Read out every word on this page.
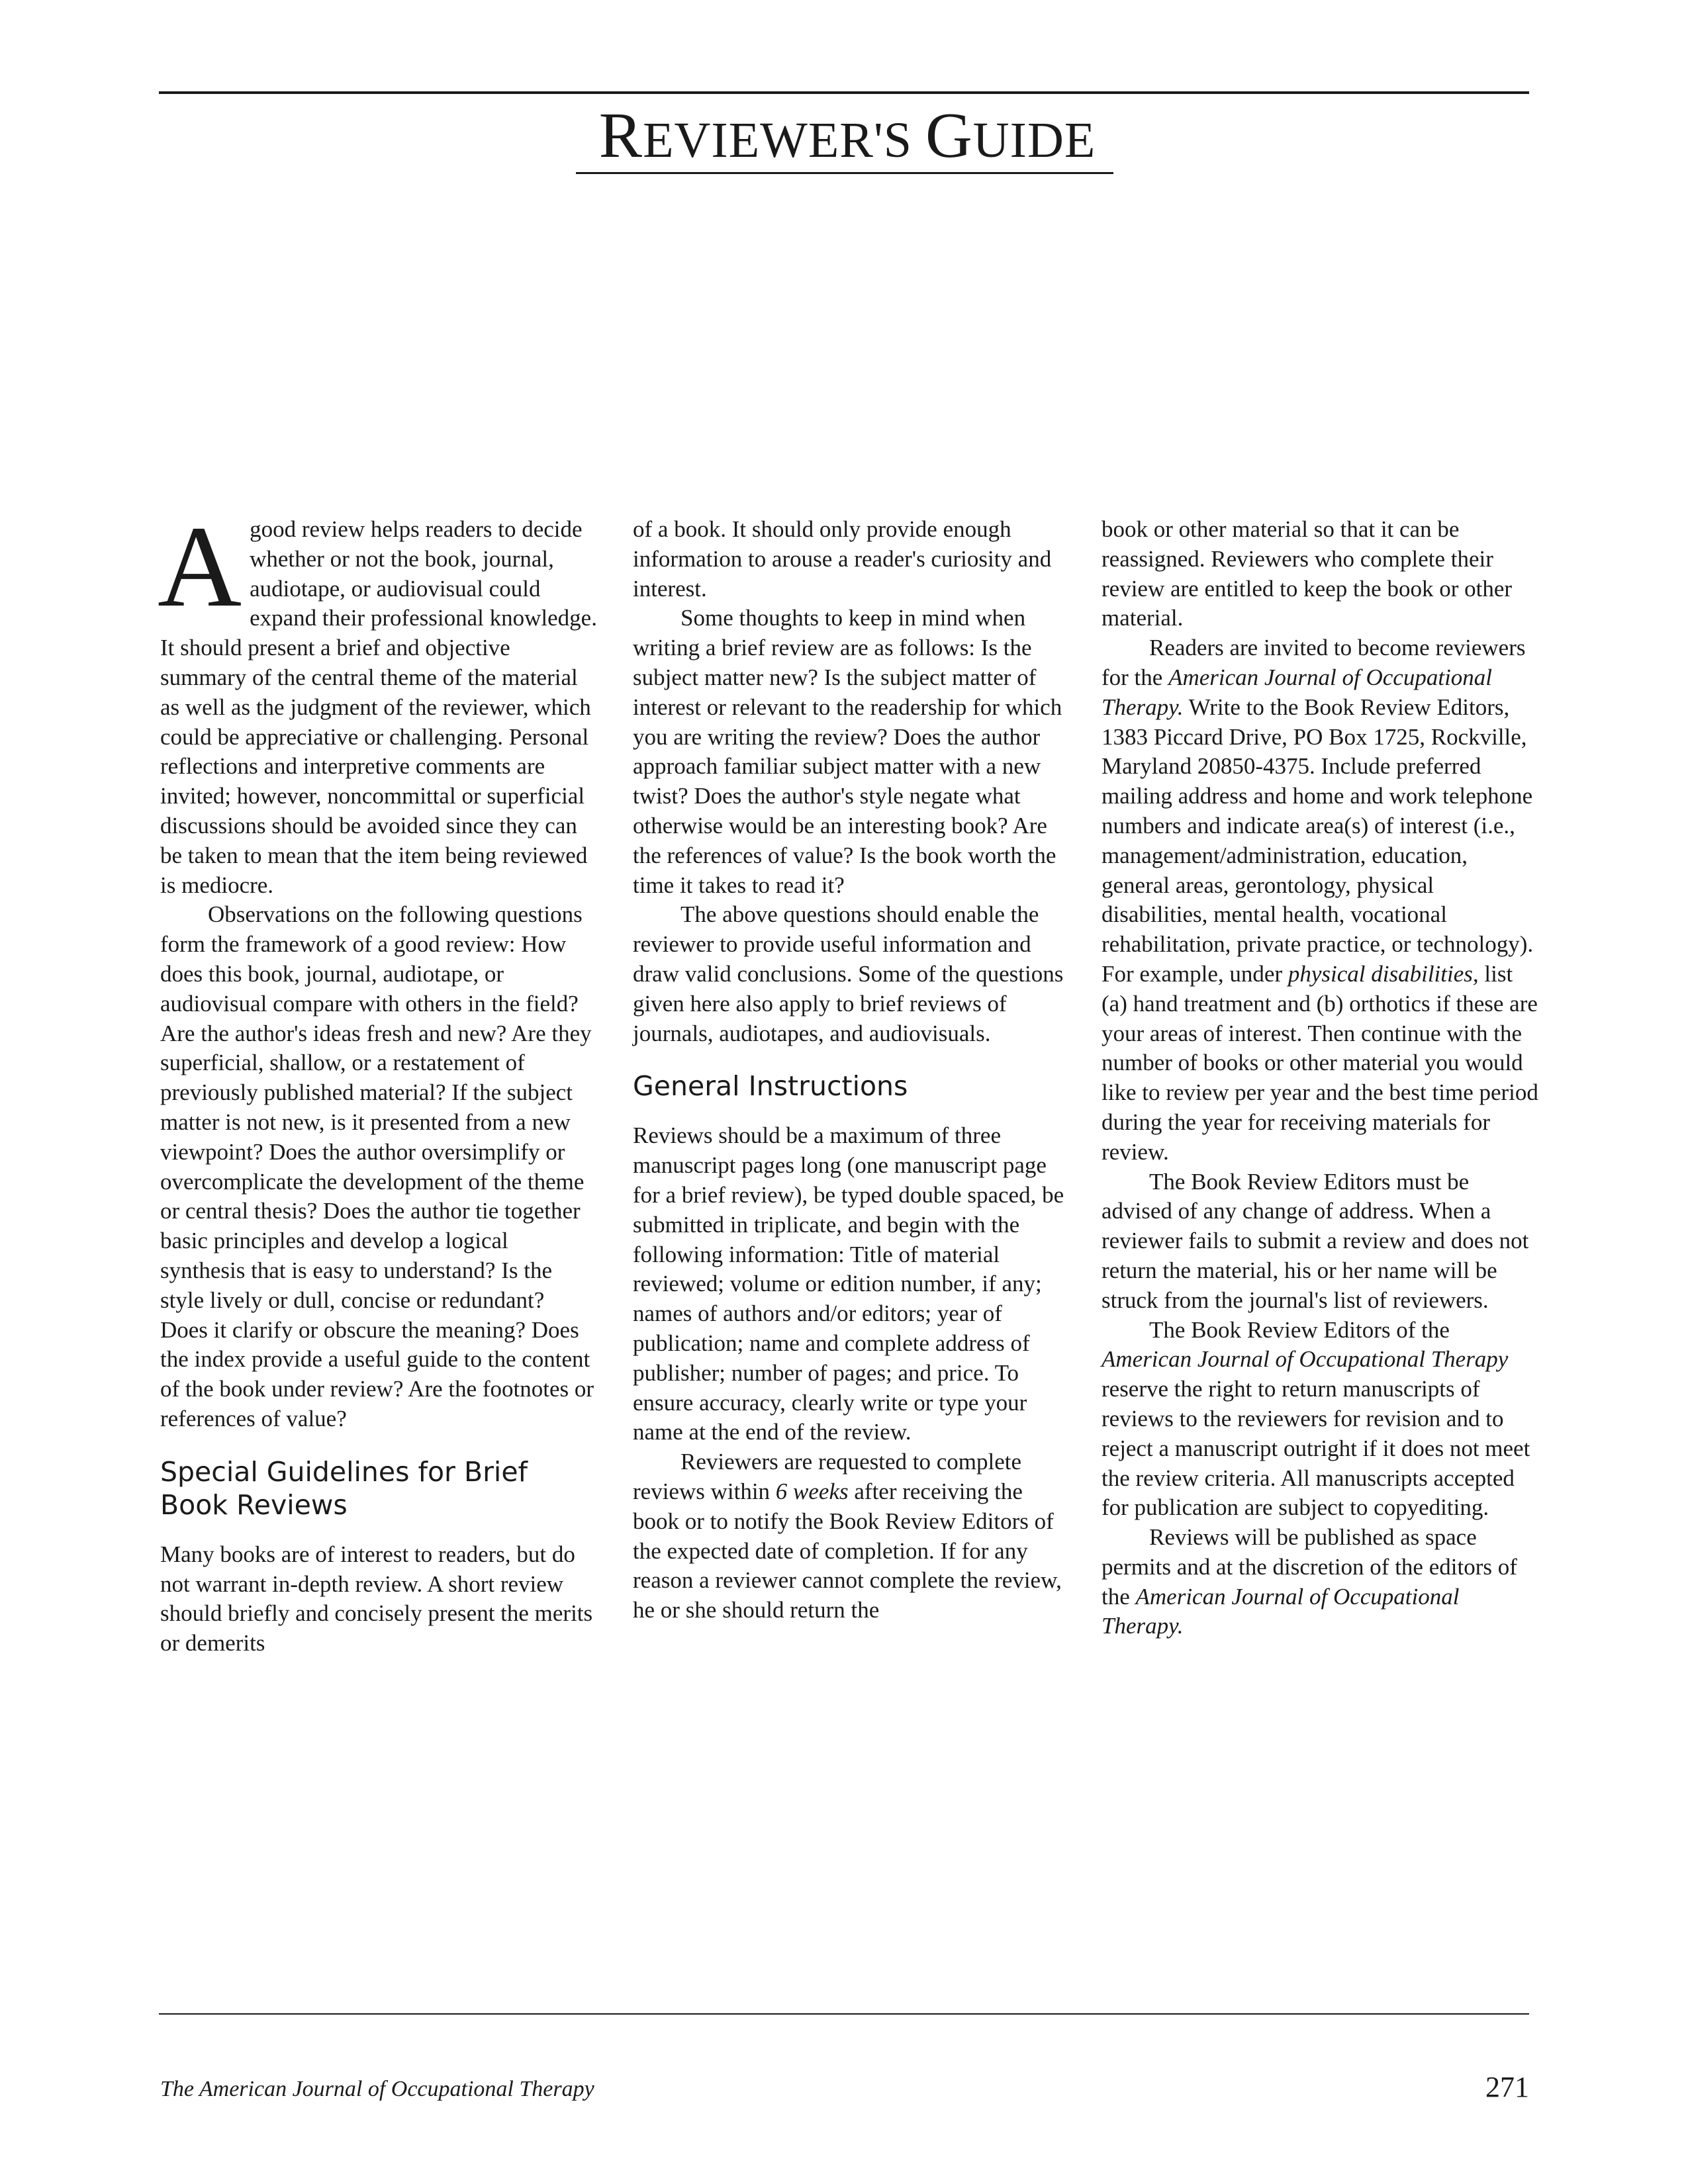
REVIEWER'S GUIDE

Agood review helps readers to decide whether or not the book, journal, audiotape, or audiovisual could expand their professional knowledge. It should present a brief and objective summary of the central theme of the material as well as the judgment of the reviewer, which could be appreciative or challenging. Personal reflections and interpretive comments are invited; however, noncommittal or superficial discussions should be avoided since they can be taken to mean that the item being reviewed is mediocre.

Observations on the following questions form the framework of a good review: How does this book, journal, audiotape, or audiovisual compare with others in the field? Are the author's ideas fresh and new? Are they superficial, shallow, or a restatement of previously published material? If the subject matter is not new, is it presented from a new viewpoint? Does the author oversimplify or overcomplicate the development of the theme or central thesis? Does the author tie together basic principles and develop a logical synthesis that is easy to understand? Is the style lively or dull, concise or redundant? Does it clarify or obscure the meaning? Does the index provide a useful guide to the content of the book under review? Are the footnotes or references of value?

Special Guidelines for Brief Book Reviews

Many books are of interest to readers, but do not warrant in-depth review. A short review should briefly and concisely present the merits or demerits

of a book. It should only provide enough information to arouse a reader's curiosity and interest.

Some thoughts to keep in mind when writing a brief review are as follows: Is the subject matter new? Is the subject matter of interest or relevant to the readership for which you are writing the review? Does the author approach familiar subject matter with a new twist? Does the author's style negate what otherwise would be an interesting book? Are the references of value? Is the book worth the time it takes to read it?

The above questions should enable the reviewer to provide useful information and draw valid conclusions. Some of the questions given here also apply to brief reviews of journals, audiotapes, and audiovisuals.

General Instructions

Reviews should be a maximum of three manuscript pages long (one manuscript page for a brief review), be typed double spaced, be submitted in triplicate, and begin with the following information: Title of material reviewed; volume or edition number, if any; names of authors and/or editors; year of publication; name and complete address of publisher; number of pages; and price. To ensure accuracy, clearly write or type your name at the end of the review.

Reviewers are requested to complete reviews within 6 weeks after receiving the book or to notify the Book Review Editors of the expected date of completion. If for any reason a reviewer cannot complete the review, he or she should return the

book or other material so that it can be reassigned. Reviewers who complete their review are entitled to keep the book or other material.

Readers are invited to become reviewers for the American Journal of Occupational Therapy. Write to the Book Review Editors, 1383 Piccard Drive, PO Box 1725, Rockville, Maryland 20850-4375. Include preferred mailing address and home and work telephone numbers and indicate area(s) of interest (i.e., management/administration, education, general areas, gerontology, physical disabilities, mental health, vocational rehabilitation, private practice, or technology). For example, under physical disabilities, list (a) hand treatment and (b) orthotics if these are your areas of interest. Then continue with the number of books or other material you would like to review per year and the best time period during the year for receiving materials for review.

The Book Review Editors must be advised of any change of address. When a reviewer fails to submit a review and does not return the material, his or her name will be struck from the journal's list of reviewers.

The Book Review Editors of the American Journal of Occupational Therapy reserve the right to return manuscripts of reviews to the reviewers for revision and to reject a manuscript outright if it does not meet the review criteria. All manuscripts accepted for publication are subject to copyediting.

Reviews will be published as space permits and at the discretion of the editors of the American Journal of Occupational Therapy.

The American Journal of Occupational Therapy	271
